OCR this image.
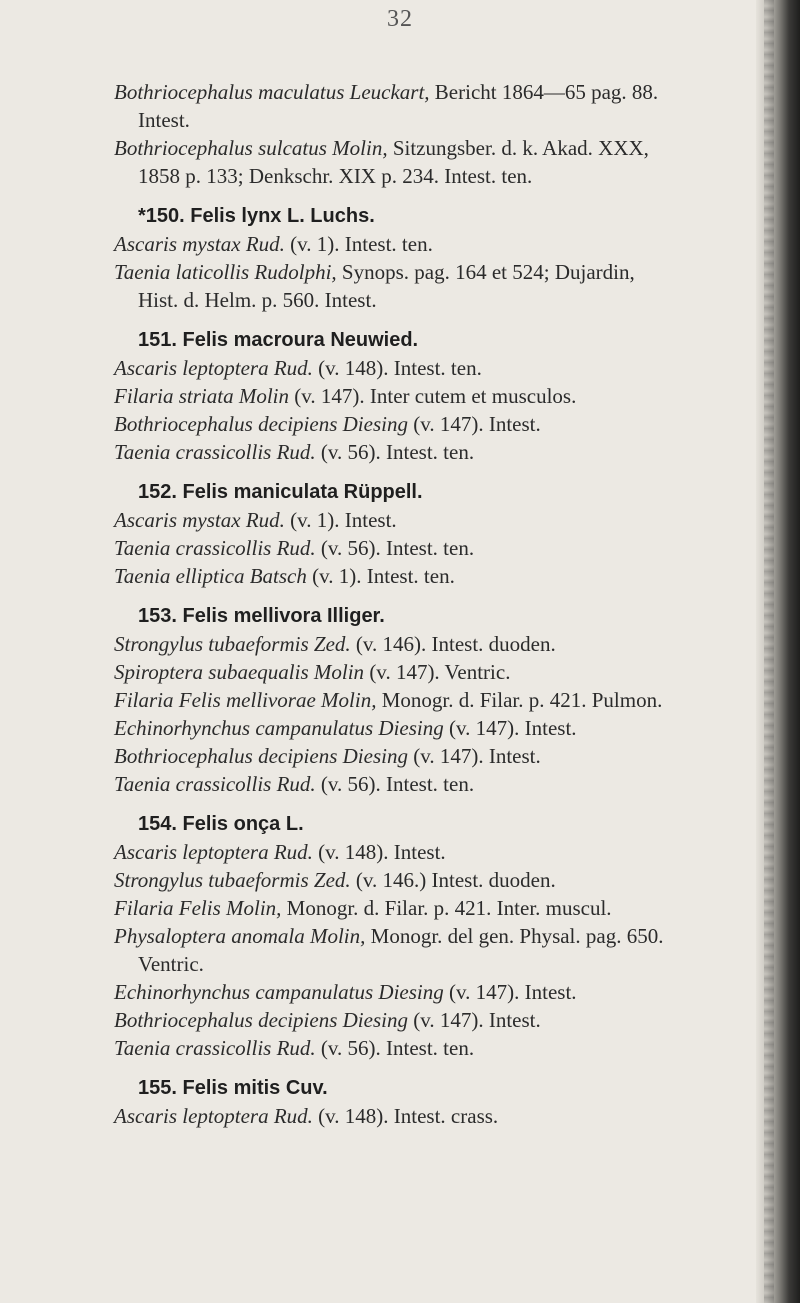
32
Bothriocephalus maculatus Leuckart, Bericht 1864—65 pag. 88.
Intest.
Bothriocephalus sulcatus Molin, Sitzungsber. d. k. Akad. XXX,
1858 p. 133; Denkschr. XIX p. 234. Intest. ten.
*150. Felis lynx L. Luchs.
Ascaris mystax Rud. (v. 1). Intest. ten.
Taenia laticollis Rudolphi, Synops. pag. 164 et 524; Dujardin,
Hist. d. Helm. p. 560. Intest.
151. Felis macroura Neuwied.
Ascaris leptoptera Rud. (v. 148). Intest. ten.
Filaria striata Molin (v. 147). Inter cutem et musculos.
Bothriocephalus decipiens Diesing (v. 147). Intest.
Taenia crassicollis Rud. (v. 56). Intest. ten.
152. Felis maniculata Rüppell.
Ascaris mystax Rud. (v. 1). Intest.
Taenia crassicollis Rud. (v. 56). Intest. ten.
Taenia elliptica Batsch (v. 1). Intest. ten.
153. Felis mellivora Illiger.
Strongylus tubaeformis Zed. (v. 146). Intest. duoden.
Spiroptera subaequalis Molin (v. 147). Ventric.
Filaria Felis mellivorae Molin, Monogr. d. Filar. p. 421. Pulmon.
Echinorhynchus campanulatus Diesing (v. 147). Intest.
Bothriocephalus decipiens Diesing (v. 147). Intest.
Taenia crassicollis Rud. (v. 56). Intest. ten.
154. Felis onça L.
Ascaris leptoptera Rud. (v. 148). Intest.
Strongylus tubaeformis Zed. (v. 146.) Intest. duoden.
Filaria Felis Molin, Monogr. d. Filar. p. 421. Inter. muscul.
Physaloptera anomala Molin, Monogr. del gen. Physal. pag. 650.
Ventric.
Echinorhynchus campanulatus Diesing (v. 147). Intest.
Bothriocephalus decipiens Diesing (v. 147). Intest.
Taenia crassicollis Rud. (v. 56). Intest. ten.
155. Felis mitis Cuv.
Ascaris leptoptera Rud. (v. 148). Intest. crass.
